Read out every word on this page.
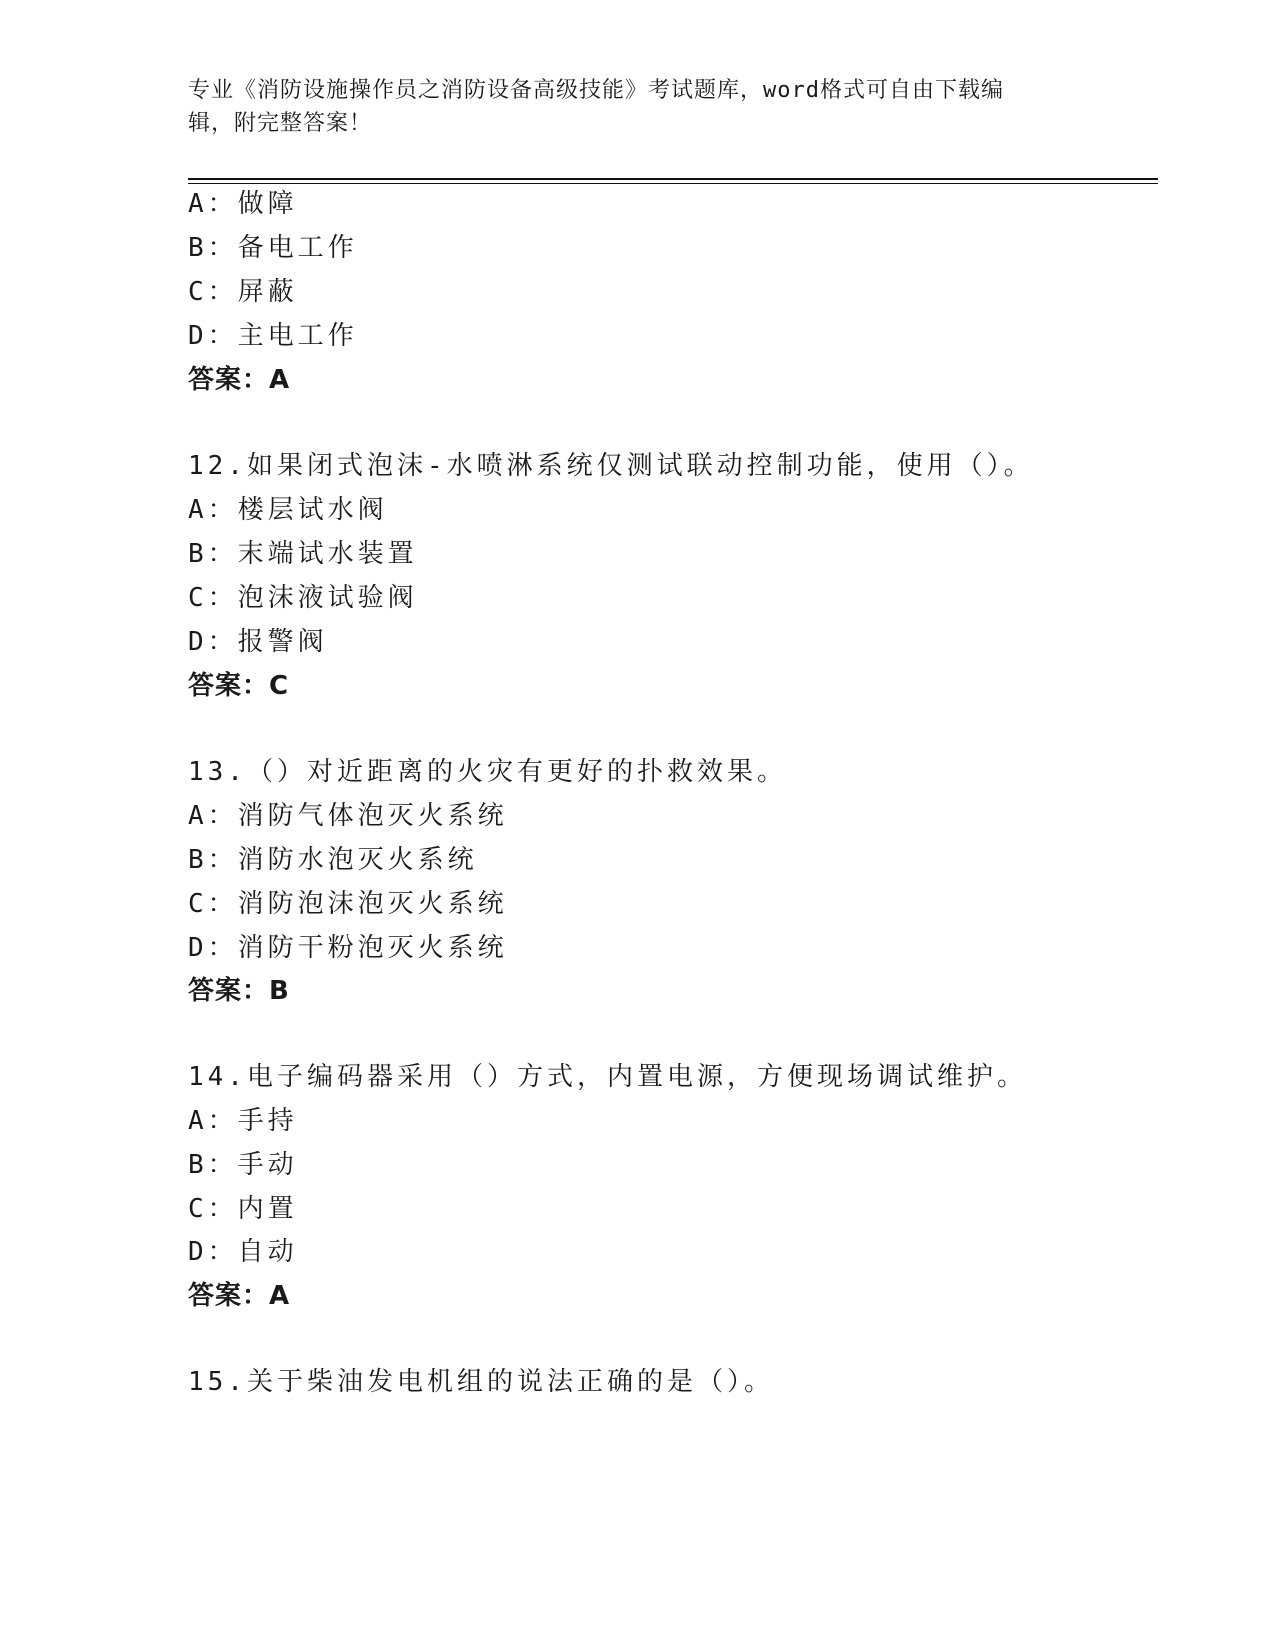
专业《消防设施操作员之消防设备高级技能》考试题库，word格式可自由下载编
辑，附完整答案！
A：做障
B：备电工作
C：屏蔽
D：主电工作
答案：A
12.如果闭式泡沫-水喷淋系统仅测试联动控制功能，使用（）。
A：楼层试水阀
B：末端试水装置
C：泡沫液试验阀
D：报警阀
答案：C
13.（）对近距离的火灾有更好的扑救效果。
A：消防气体泡灭火系统
B：消防水泡灭火系统
C：消防泡沫泡灭火系统
D：消防干粉泡灭火系统
答案：B
14.电子编码器采用（）方式，内置电源，方便现场调试维护。
A：手持
B：手动
C：内置
D：自动
答案：A
15.关于柴油发电机组的说法正确的是（）。
